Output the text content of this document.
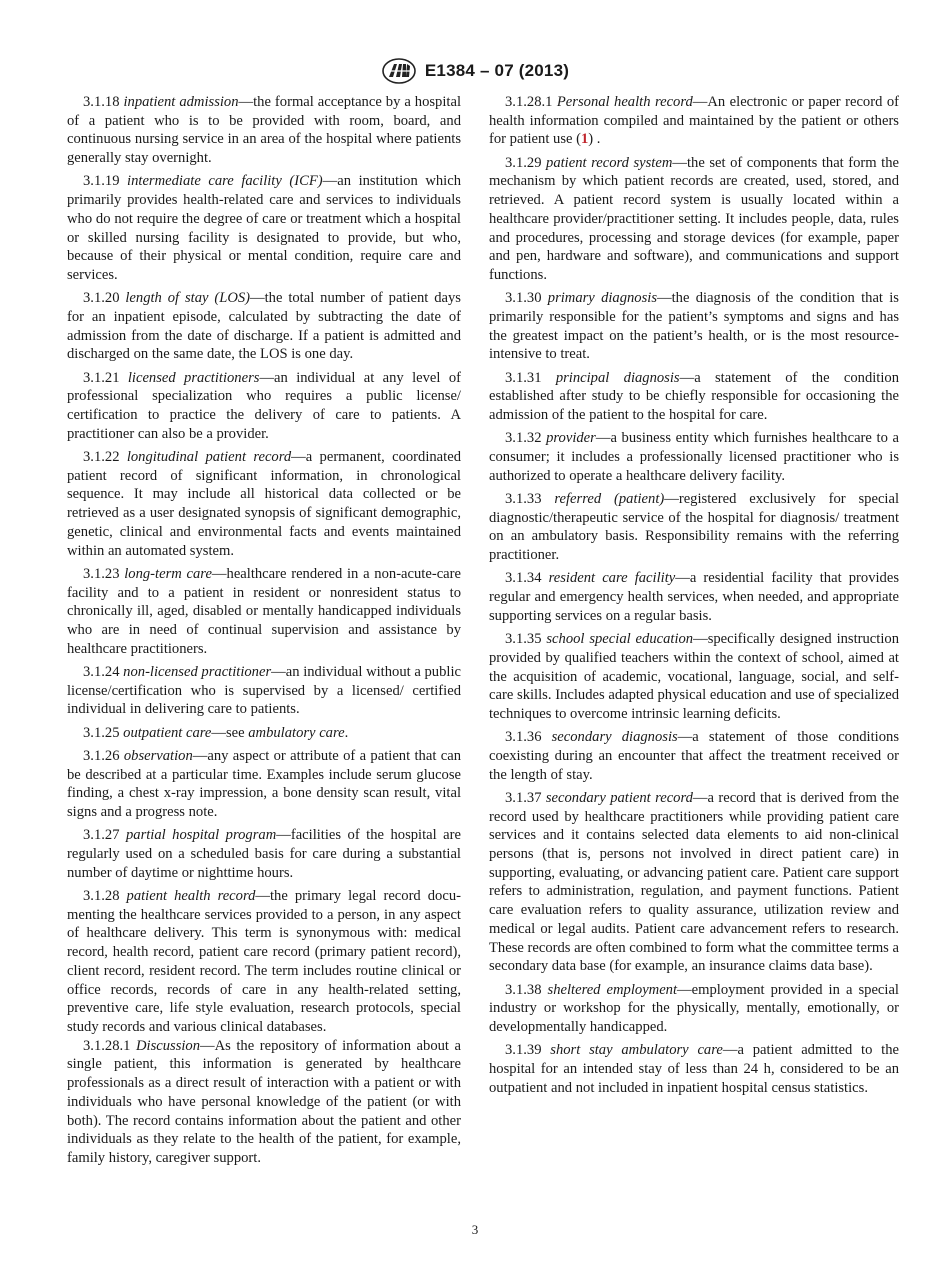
E1384 – 07 (2013)

3.1.18 inpatient admission—the formal acceptance by a hospital of a patient who is to be provided with room, board, and continuous nursing service in an area of the hospital where patients generally stay overnight.

3.1.19 intermediate care facility (ICF)—an institution which primarily provides health-related care and services to individuals who do not require the degree of care or treatment which a hospital or skilled nursing facility is designated to provide, but who, because of their physical or mental condition, require care and services.

3.1.20 length of stay (LOS)—the total number of patient days for an inpatient episode, calculated by subtracting the date of admission from the date of discharge. If a patient is admitted and discharged on the same date, the LOS is one day.

3.1.21 licensed practitioners—an individual at any level of professional specialization who requires a public license/ certification to practice the delivery of care to patients. A practitioner can also be a provider.

3.1.22 longitudinal patient record—a permanent, coordinated patient record of significant information, in chronological sequence. It may include all historical data collected or be retrieved as a user designated synopsis of significant demographic, genetic, clinical and environmental facts and events maintained within an automated system.

3.1.23 long-term care—healthcare rendered in a non-acute-care facility and to a patient in resident or nonresident status to chronically ill, aged, disabled or mentally handicapped individuals who are in need of continual supervision and assistance by healthcare practitioners.

3.1.24 non-licensed practitioner—an individual without a public license/certification who is supervised by a licensed/ certified individual in delivering care to patients.

3.1.25 outpatient care—see ambulatory care.

3.1.26 observation—any aspect or attribute of a patient that can be described at a particular time. Examples include serum glucose finding, a chest x-ray impression, a bone density scan result, vital signs and a progress note.

3.1.27 partial hospital program—facilities of the hospital are regularly used on a scheduled basis for care during a substantial number of daytime or nighttime hours.

3.1.28 patient health record—the primary legal record documenting the healthcare services provided to a person, in any aspect of healthcare delivery. This term is synonymous with: medical record, health record, patient care record (primary patient record), client record, resident record. The term includes routine clinical or office records, records of care in any health-related setting, preventive care, life style evaluation, research protocols, special study records and various clinical databases.

3.1.28.1 Discussion—As the repository of information about a single patient, this information is generated by healthcare professionals as a direct result of interaction with a patient or with individuals who have personal knowledge of the patient (or with both). The record contains information about the patient and other individuals as they relate to the health of the patient, for example, family history, caregiver support.

3.1.28.1 Personal health record—An electronic or paper record of health information compiled and maintained by the patient or others for patient use (1) .

3.1.29 patient record system—the set of components that form the mechanism by which patient records are created, used, stored, and retrieved. A patient record system is usually located within a healthcare provider/practitioner setting. It includes people, data, rules and procedures, processing and storage devices (for example, paper and pen, hardware and software), and communications and support functions.

3.1.30 primary diagnosis—the diagnosis of the condition that is primarily responsible for the patient’s symptoms and signs and has the greatest impact on the patient’s health, or is the most resource-intensive to treat.

3.1.31 principal diagnosis—a statement of the condition established after study to be chiefly responsible for occasioning the admission of the patient to the hospital for care.

3.1.32 provider—a business entity which furnishes healthcare to a consumer; it includes a professionally licensed practitioner who is authorized to operate a healthcare delivery facility.

3.1.33 referred (patient)—registered exclusively for special diagnostic/therapeutic service of the hospital for diagnosis/ treatment on an ambulatory basis. Responsibility remains with the referring practitioner.

3.1.34 resident care facility—a residential facility that provides regular and emergency health services, when needed, and appropriate supporting services on a regular basis.

3.1.35 school special education—specifically designed instruction provided by qualified teachers within the context of school, aimed at the acquisition of academic, vocational, language, social, and self-care skills. Includes adapted physical education and use of specialized techniques to overcome intrinsic learning deficits.

3.1.36 secondary diagnosis—a statement of those conditions coexisting during an encounter that affect the treatment received or the length of stay.

3.1.37 secondary patient record—a record that is derived from the record used by healthcare practitioners while providing patient care services and it contains selected data elements to aid non-clinical persons (that is, persons not involved in direct patient care) in supporting, evaluating, or advancing patient care. Patient care support refers to administration, regulation, and payment functions. Patient care evaluation refers to quality assurance, utilization review and medical or legal audits. Patient care advancement refers to research. These records are often combined to form what the committee terms a secondary data base (for example, an insurance claims data base).

3.1.38 sheltered employment—employment provided in a special industry or workshop for the physically, mentally, emotionally, or developmentally handicapped.

3.1.39 short stay ambulatory care—a patient admitted to the hospital for an intended stay of less than 24 h, considered to be an outpatient and not included in inpatient hospital census statistics.

3
